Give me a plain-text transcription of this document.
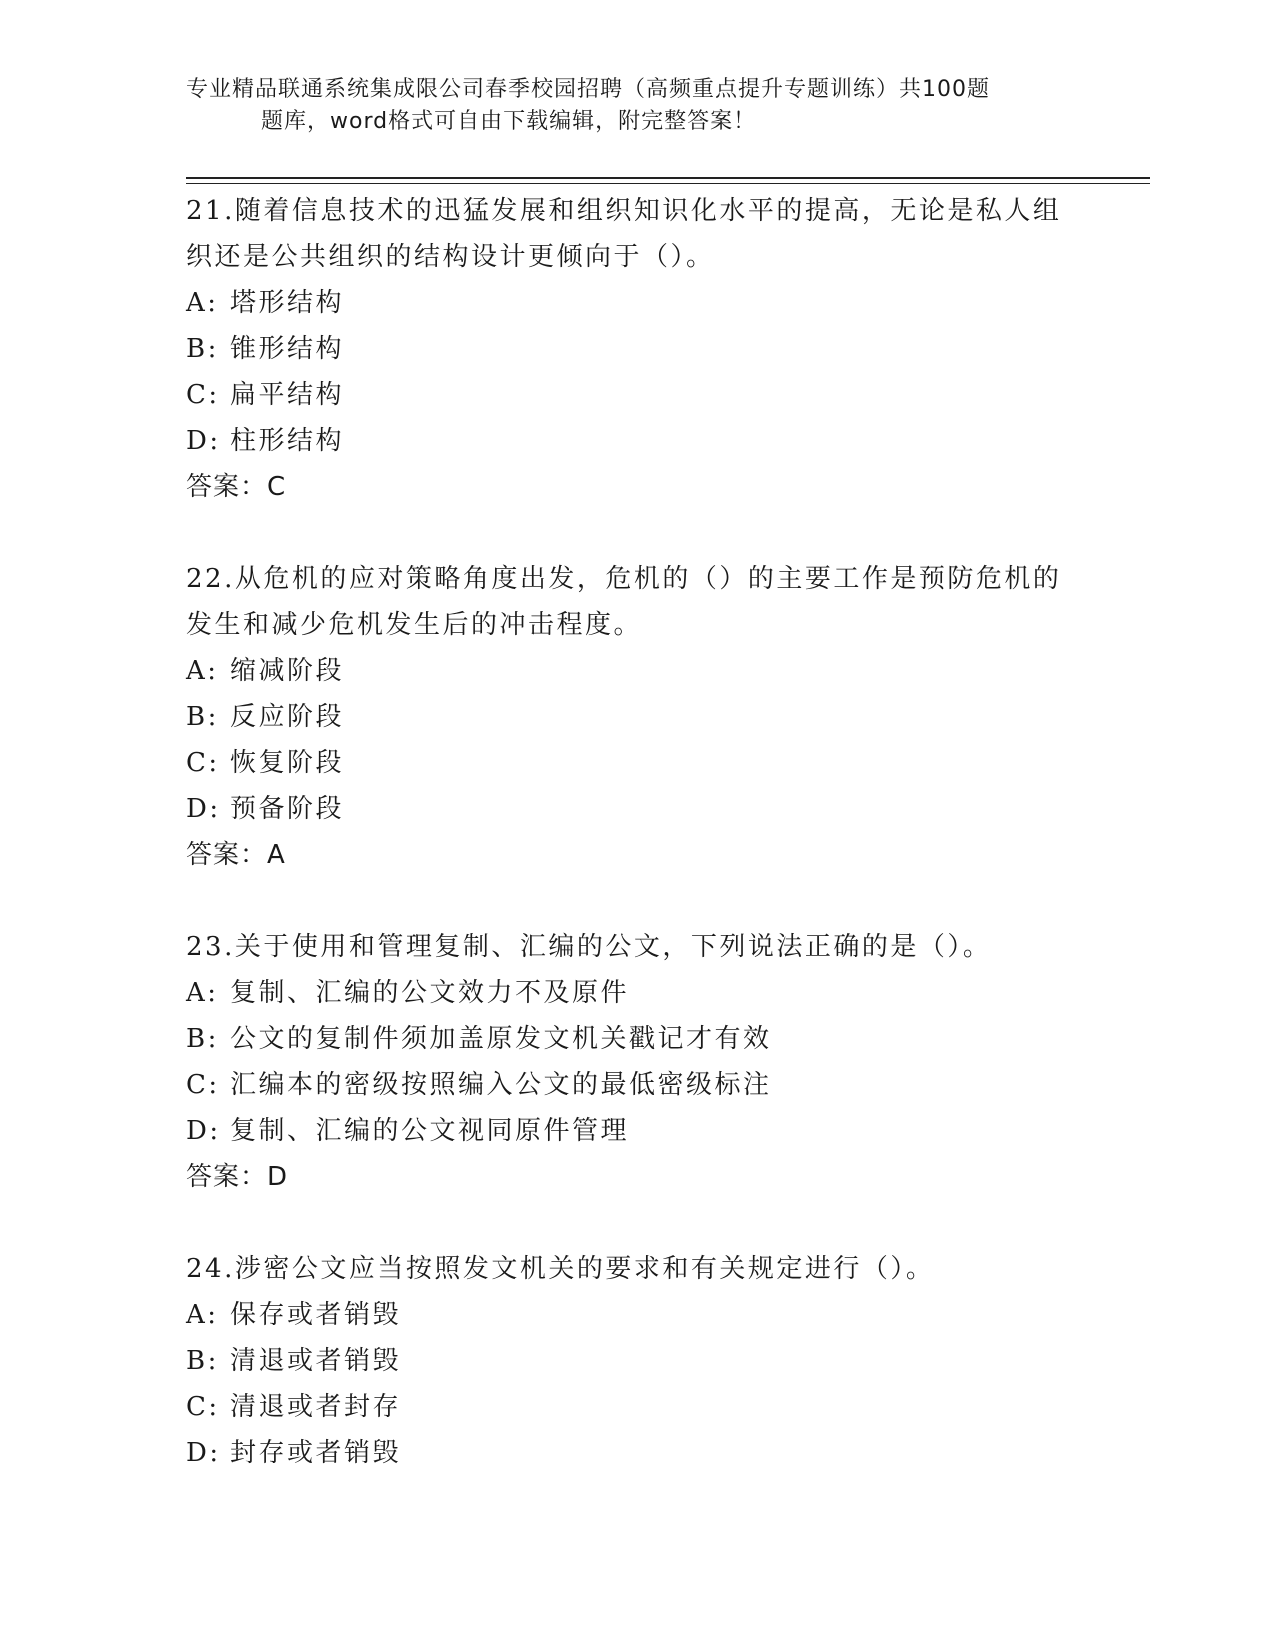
专业精品联通系统集成限公司春季校园招聘（高频重点提升专题训练）共100题
题库，word格式可自由下载编辑，附完整答案！

21.随着信息技术的迅猛发展和组织知识化水平的提高，无论是私人组织还是公共组织的结构设计更倾向于（）。

A: 塔形结构

B: 锥形结构

C: 扁平结构

D: 柱形结构

答案：C

22.从危机的应对策略角度出发，危机的（）的主要工作是预防危机的发生和减少危机发生后的冲击程度。

A: 缩减阶段

B: 反应阶段

C: 恢复阶段

D: 预备阶段

答案：A

23.关于使用和管理复制、汇编的公文，下列说法正确的是（）。

A: 复制、汇编的公文效力不及原件

B: 公文的复制件须加盖原发文机关戳记才有效

C: 汇编本的密级按照编入公文的最低密级标注

D: 复制、汇编的公文视同原件管理

答案：D

24.涉密公文应当按照发文机关的要求和有关规定进行（）。

A: 保存或者销毁

B: 清退或者销毁

C: 清退或者封存

D: 封存或者销毁
